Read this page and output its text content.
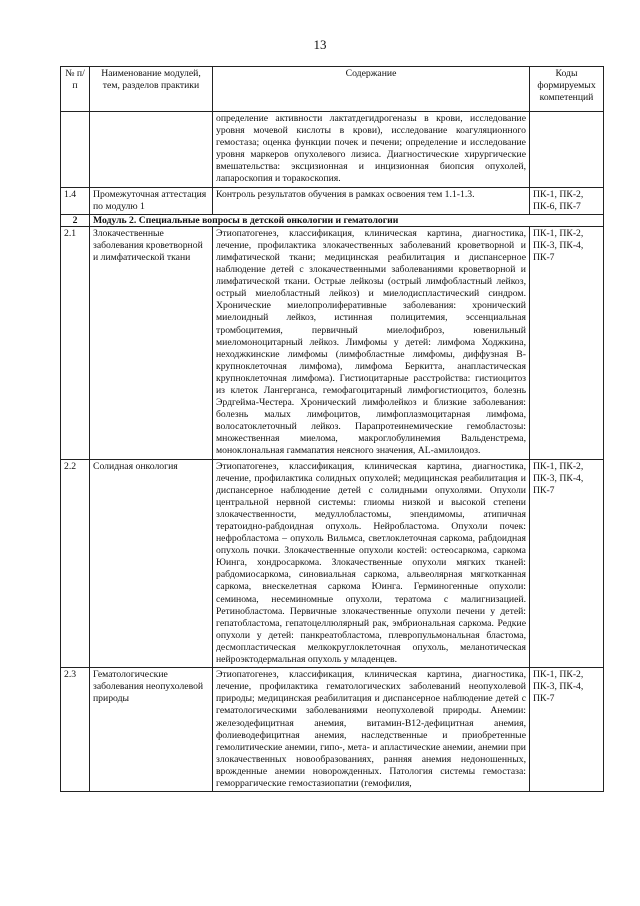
13
№ п/п	Наименование модулей, тем, разделов практики	Содержание	Коды формируемых компетенций
		определение активности лактатдегидрогеназы в крови, исследование уровня мочевой кислоты в крови), исследование коагуляционного гемостаза; оценка функции почек и печени; определение и исследование уровня маркеров опухолевого лизиса. Диагностические хирургические вмешательства: эксцизионная и инцизионная биопсия опухолей, лапароскопия и торакоскопия.	
1.4	Промежуточная аттестация по модулю 1	Контроль результатов обучения в рамках освоения тем 1.1-1.3.	ПК-1, ПК-2, ПК-6, ПК-7
2	Модуль 2. Специальные вопросы в детской онкологии и гематологии		
2.1	Злокачественные заболевания кроветворной и лимфатической ткани	Этиопатогенез, классификация, клиническая картина, диагностика, лечение, профилактика злокачественных заболеваний кроветворной и лимфатической ткани; медицинская реабилитация и диспансерное наблюдение детей с злокачественными заболеваниями кроветворной и лимфатической ткани. Острые лейкозы (острый лимфобластный лейкоз, острый миелобластный лейкоз) и миелодиспластический синдром. Хронические миелопролиферативные заболевания: хронический миелоидный лейкоз, истинная полицитемия, эссенциальная тромбоцитемия, первичный миелофиброз, ювенильный миеломоноцитарный лейкоз. Лимфомы у детей: лимфома Ходжкина, неходжкинские лимфомы (лимфобластные лимфомы, диффузная B-крупноклеточная лимфома), лимфома Беркитта, анапластическая крупноклеточная лимфома). Гистиоцитарные расстройства: гистиоцитоз из клеток Лангерганса, гемофагоцитарный лимфогистиоцитоз, болезнь Эрдгейма-Честера. Хронический лимфолейкоз и близкие заболевания: болезнь малых лимфоцитов, лимфоплазмоцитарная лимфома, волосатоклеточный лейкоз. Парапротеинемические гемобластозы: множественная миелома, макроглобулинемия Вальденстрема, моноклональная гаммапатия неясного значения, AL-амилоидоз.	ПК-1, ПК-2, ПК-3, ПК-4, ПК-7
2.2	Солидная онкология	Этиопатогенез, классификация, клиническая картина, диагностика, лечение, профилактика солидных опухолей; медицинская реабилитация и диспансерное наблюдение детей с солидными опухолями. Опухоли центральной нервной системы: глиомы низкой и высокой степени злокачественности, медуллобластомы, эпендимомы, атипичная тератоидно-рабдоидная опухоль. Нейробластома. Опухоли почек: нефробластома – опухоль Вильмса, светлоклеточная саркома, рабдоидная опухоль почки. Злокачественные опухоли костей: остеосаркома, саркома Юинга, хондросаркома. Злокачественные опухоли мягких тканей: рабдомиосаркома, синовиальная саркома, альвеолярная мягкотканная саркома, внескелетная саркома Юинга. Герминогенные опухоли: семинома, несеминомные опухоли, тератома с малигнизацией. Ретинобластома. Первичные злокачественные опухоли печени у детей: гепатобластома, гепатоцеллюлярный рак, эмбриональная саркома. Редкие опухоли у детей: панкреатобластома, плевропульмональная бластома, десмопластическая мелкокруглоклеточная опухоль, меланотическая нейроэктодермальная опухоль у младенцев.	ПК-1, ПК-2, ПК-3, ПК-4, ПК-7
2.3	Гематологические заболевания неопухолевой природы	Этиопатогенез, классификация, клиническая картина, диагностика, лечение, профилактика гематологических заболеваний неопухолевой природы; медицинская реабилитация и диспансерное наблюдение детей с гематологическими заболеваниями неопухолевой природы. Анемии: железодефицитная анемия, витамин-B12-дефицитная анемия, фолиеводефицитная анемия, наследственные и приобретенные гемолитические анемии, гипо-, мета- и апластические анемии, анемии при злокачественных новообразованиях, ранняя анемия недоношенных, врожденные анемии новорожденных. Патология системы гемостаза: геморрагические гемостазиопатии (гемофилия,	ПК-1, ПК-2, ПК-3, ПК-4, ПК-7
